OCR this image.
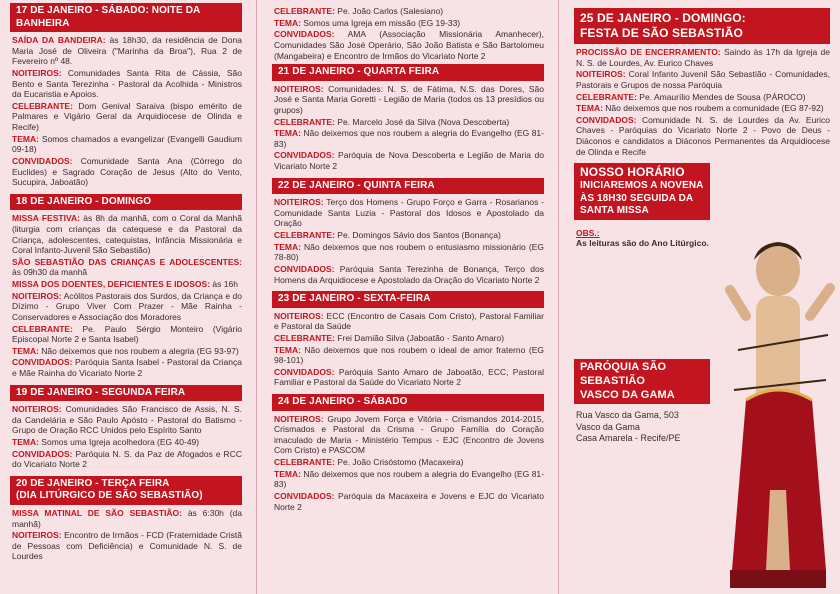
17 DE JANEIRO - SÁBADO: NOITE DA BANHEIRA
SAÍDA DA BANDEIRA: às 18h30, da residência de Dona Maria José de Oliveira ("Marinha da Broa"), Rua 2 de Fevereiro nº 48.
NOITEIROS: Comunidades Santa Rita de Cássia, São Bento e Santa Terezinha - Pastoral da Acolhida - Ministros da Eucaristia e Apoios.
CELEBRANTE: Dom Genival Saraiva (bispo emérito de Palmares e Vigário Geral da Arquidiocese de Olinda e Recife)
TEMA: Somos chamados a evangelizar (Evangelli Gaudium 09-18)
CONVIDADOS: Comunidade Santa Ana (Córrego do Euclides) e Sagrado Coração de Jesus (Alto do Vento, Sucupira, Jaboatão)
18 DE JANEIRO - DOMINGO
MISSA FESTIVA: às 8h da manhã, com o Coral da Manhã (liturgia com crianças da catequese e da Pastoral da Criança, adolescentes, catequistas, Infância Missionária e Coral Infanto-Juvenil São Sebastião)
SÃO SEBASTIÃO DAS CRIANÇAS E ADOLESCENTES: às 09h30 da manhã
MISSA DOS DOENTES, DEFICIENTES E IDOSOS: às 16h
NOITEIROS: Acólitos Pastorais dos Surdos, da Criança e do Dízimo - Grupo Viver Com Prazer - Mãe Rainha - Conservadores e Associação dos Moradores
CELEBRANTE: Pe. Paulo Sérgio Monteiro (Vigário Episcopal Norte 2 e Santa Isabel)
TEMA: Não deixemos que nos roubem a alegria (EG 93-97)
CONVIDADOS: Paróquia Santa Isabel - Pastoral da Criança e Mãe Rainha do Vicariato Norte 2
19 DE JANEIRO - SEGUNDA FEIRA
NOITEIROS: Comunidades São Francisco de Assis, N. S. da Candelária e São Paulo Apósto - Pastoral do Batismo - Grupo de Oração RCC Unidos pelo Espírito Santo
TEMA: Somos uma Igreja acolhedora (EG 40-49)
CONVIDADOS: Paróquia N. S. da Paz de Afogados e RCC do Vicariato Norte 2
20 DE JANEIRO - TERÇA FEIRA
(DIA LITÚRGICO DE SÃO SEBASTIÃO)
MISSA MATINAL DE SÃO SEBASTIÃO: às 6:30h (da manhã)
NOITEIROS: Encontro de Irmãos - FCD (Fraternidade Cristã de Pessoas com Deficiência) e Comunidade N. S. de Lourdes
CELEBRANTE: Pe. João Carlos (Salesiano)
TEMA: Somos uma Igreja em missão (EG 19-33)
CONVIDADOS: AMA (Associação Missionária Amanhecer), Comunidades São José Operário, São João Batista e São Bartolomeu (Mangabeira) e Encontro de Irmãos do Vicariato Norte 2
21 DE JANEIRO - QUARTA FEIRA
NOITEIROS: Comunidades: N. S. de Fátima, N.S. das Dores, São José e Santa Maria Goretti - Legião de Maria (todos os 13 presídios ou grupos)
CELEBRANTE: Pe. Marcelo José da Silva (Nova Descoberta)
TEMA: Não deixemos que nos roubem a alegria do Evangelho (EG 81-83)
CONVIDADOS: Paróquia de Nova Descoberta e Legião de Maria do Vicariato Norte 2
22 DE JANEIRO - QUINTA FEIRA
NOITEIROS: Terço dos Homens - Grupo Forço e Garra - Rosarianos - Comunidade Santa Luzia - Pastoral dos Idosos e Apostolado da Oração
CELEBRANTE: Pe. Domingos Sávio dos Santos (Bonança)
TEMA: Não deixemos que nos roubem o entusiasmo missionário (EG 78-80)
CONVIDADOS: Paróquia Santa Terezinha de Bonança, Terço dos Homens da Arquidiocese e Apostolado da Oração do Vicariato Norte 2
23 DE JANEIRO - SEXTA-FEIRA
NOITEIROS: ECC (Encontro de Casais Com Cristo), Pastoral Familiar e Pastoral da Saúde
CELEBRANTE: Frei Damião Silva (Jaboatão - Santo Amaro)
TEMA: Não deixemos que nos roubem o ideal de amor fraterno (EG 98-101)
CONVIDADOS: Paróquia Santo Amaro de Jaboatão, ECC, Pastoral Familiar e Pastoral da Saúde do Vicariato Norte 2
24 DE JANEIRO - SÁBADO
NOITEIROS: Grupo Jovem Força e Vitória - Crismandos 2014-2015, Crismados e Pastoral da Crisma - Grupo Família do Coração imaculado de Maria - Ministério Tempus - EJC (Encontro de Jovens Com Cristo) e PASCOM
CELEBRANTE: Pe. João Crisóstomo (Macaxeira)
TEMA: Não deixemos que nos roubem a alegria do Evangelho (EG 81-83)
CONVIDADOS: Paróquia da Macaxeira e Jovens e EJC do Vicariato Norte 2
25 DE JANEIRO - DOMINGO:
FESTA DE SÃO SEBASTIÃO
PROCISSÃO DE ENCERRAMENTO: Saindo às 17h da Igreja de N. S. de Lourdes, Av. Eurico Chaves
NOITEIROS: Coral Infanto Juvenil São Sebastião - Comunidades, Pastorais e Grupos de nossa Paróquia
CELEBRANTE: Pe. Amaurílio Mendes de Sousa (PÁROCO)
TEMA: Não deixemos que nos roubem a comunidade (EG 87-92)
CONVIDADOS: Comunidade N. S. de Lourdes da Av. Eurico Chaves - Paróquias do Vicariato Norte 2 - Povo de Deus - Diáconos e candidatos a Diáconos Permanentes da Arquidiocese de Olinda e Recife
NOSSO HORÁRIO
INICIAREMOS A NOVENA ÀS 18H30 SEGUIDA DA SANTA MISSA
OBS.:
As leituras são do Ano Litúrgico.
PARÓQUIA SÃO SEBASTIÃO
VASCO DA GAMA
Rua Vasco da Gama, 503
Vasco da Gama
Casa Amarela - Recife/PE
